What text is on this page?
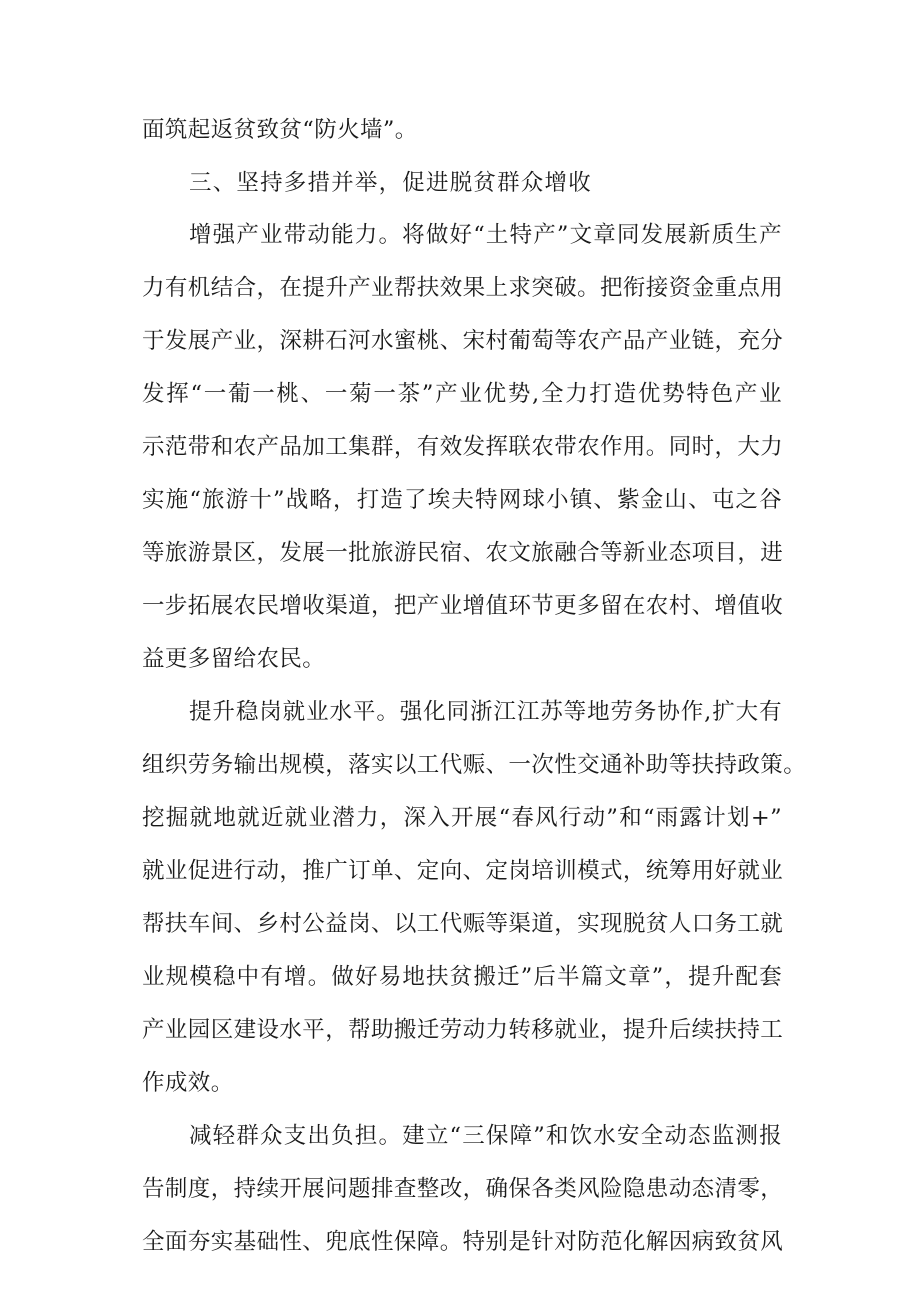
面筑起返贫致贫“防火墙”。
三、坚持多措并举，促进脱贫群众增收
增强产业带动能力。将做好“土特产”文章同发展新质生产
力有机结合，在提升产业帮扶效果上求突破。把衔接资金重点用
于发展产业，深耕石河水蜜桃、宋村葡萄等农产品产业链，充分
发挥“一葡一桃、一菊一茶”产业优势,全力打造优势特色产业
示范带和农产品加工集群，有效发挥联农带农作用。同时，大力
实施“旅游十”战略，打造了埃夫特网球小镇、紫金山、屯之谷
等旅游景区，发展一批旅游民宿、农文旅融合等新业态项目，进
一步拓展农民增收渠道，把产业增值环节更多留在农村、增值收
益更多留给农民。
提升稳岗就业水平。强化同浙江江苏等地劳务协作,扩大有
组织劳务输出规模，落实以工代赈、一次性交通补助等扶持政策。
挖掘就地就近就业潜力，深入开展“春风行动”和“雨露计划+”
就业促进行动，推广订单、定向、定岗培训模式，统筹用好就业
帮扶车间、乡村公益岗、以工代赈等渠道，实现脱贫人口务工就
业规模稳中有增。做好易地扶贫搬迁”后半篇文章”，提升配套
产业园区建设水平，帮助搬迁劳动力转移就业，提升后续扶持工
作成效。
减轻群众支出负担。建立“三保障”和饮水安全动态监测报
告制度，持续开展问题排查整改，确保各类风险隐患动态清零，
全面夯实基础性、兜底性保障。特别是针对防范化解因病致贫风
